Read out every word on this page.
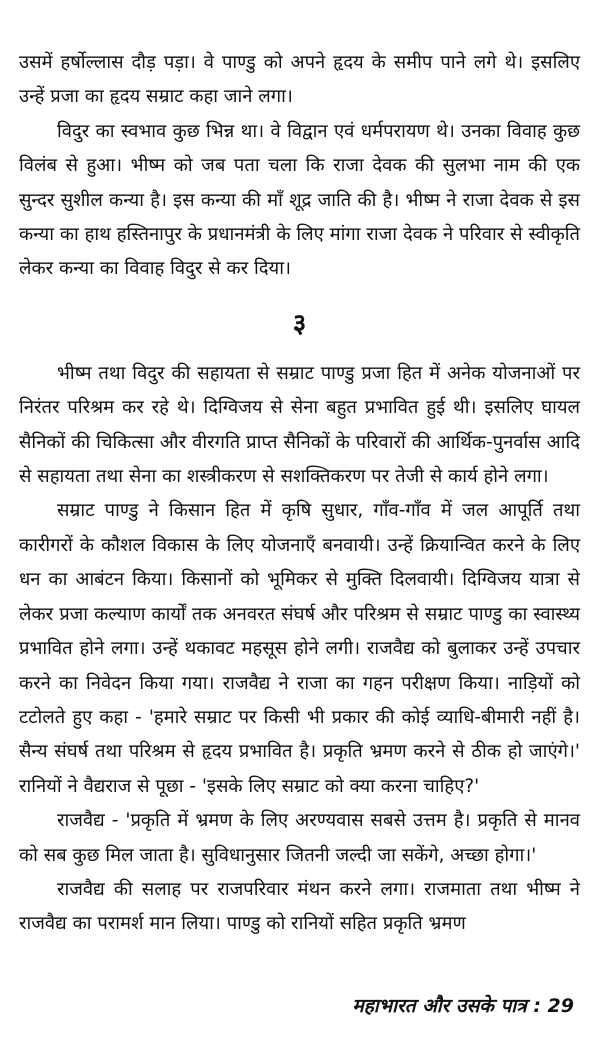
उसमें हर्षोल्लास दौड़ पड़ा। वे पाण्डु को अपने हृदय के समीप पाने लगे थे। इसलिए उन्हें प्रजा का हृदय सम्राट कहा जाने लगा।

विदुर का स्वभाव कुछ भिन्न था। वे विद्वान एवं धर्मपरायण थे। उनका विवाह कुछ विलंब से हुआ। भीष्म को जब पता चला कि राजा देवक की सुलभा नाम की एक सुन्दर सुशील कन्या है। इस कन्या की माँ शूद्र जाति की है। भीष्म ने राजा देवक से इस कन्या का हाथ हस्तिनापुर के प्रधानमंत्री के लिए मांगा राजा देवक ने परिवार से स्वीकृति लेकर कन्या का विवाह विदुर से कर दिया।

३

भीष्म तथा विदुर की सहायता से सम्राट पाण्डु प्रजा हित में अनेक योजनाओं पर निरंतर परिश्रम कर रहे थे। दिग्विजय से सेना बहुत प्रभावित हुई थी। इसलिए घायल सैनिकों की चिकित्सा और वीरगति प्राप्त सैनिकों के परिवारों की आर्थिक-पुनर्वास आदि से सहायता तथा सेना का शस्त्रीकरण से सशक्तिकरण पर तेजी से कार्य होने लगा।

सम्राट पाण्डु ने किसान हित में कृषि सुधार, गाँव-गाँव में जल आपूर्ति तथा कारीगरों के कौशल विकास के लिए योजनाएँ बनवायी। उन्हें क्रियान्वित करने के लिए धन का आबंटन किया। किसानों को भूमिकर से मुक्ति दिलवायी। दिग्विजय यात्रा से लेकर प्रजा कल्याण कार्यों तक अनवरत संघर्ष और परिश्रम से सम्राट पाण्डु का स्वास्थ्य प्रभावित होने लगा। उन्हें थकावट महसूस होने लगी। राजवैद्य को बुलाकर उन्हें उपचार करने का निवेदन किया गया। राजवैद्य ने राजा का गहन परीक्षण किया। नाड़ियों को टटोलते हुए कहा - 'हमारे सम्राट पर किसी भी प्रकार की कोई व्याधि-बीमारी नहीं है। सैन्य संघर्ष तथा परिश्रम से हृदय प्रभावित है। प्रकृति भ्रमण करने से ठीक हो जाएंगे।' रानियों ने वैद्यराज से पूछा - 'इसके लिए सम्राट को क्या करना चाहिए?'

राजवैद्य - 'प्रकृति में भ्रमण के लिए अरण्यवास सबसे उत्तम है। प्रकृति से मानव को सब कुछ मिल जाता है। सुविधानुसार जितनी जल्दी जा सकेंगे, अच्छा होगा।'

राजवैद्य की सलाह पर राजपरिवार मंथन करने लगा। राजमाता तथा भीष्म ने राजवैद्य का परामर्श मान लिया। पाण्डु को रानियों सहित प्रकृति भ्रमण

महाभारत और उसके पात्र : 29
